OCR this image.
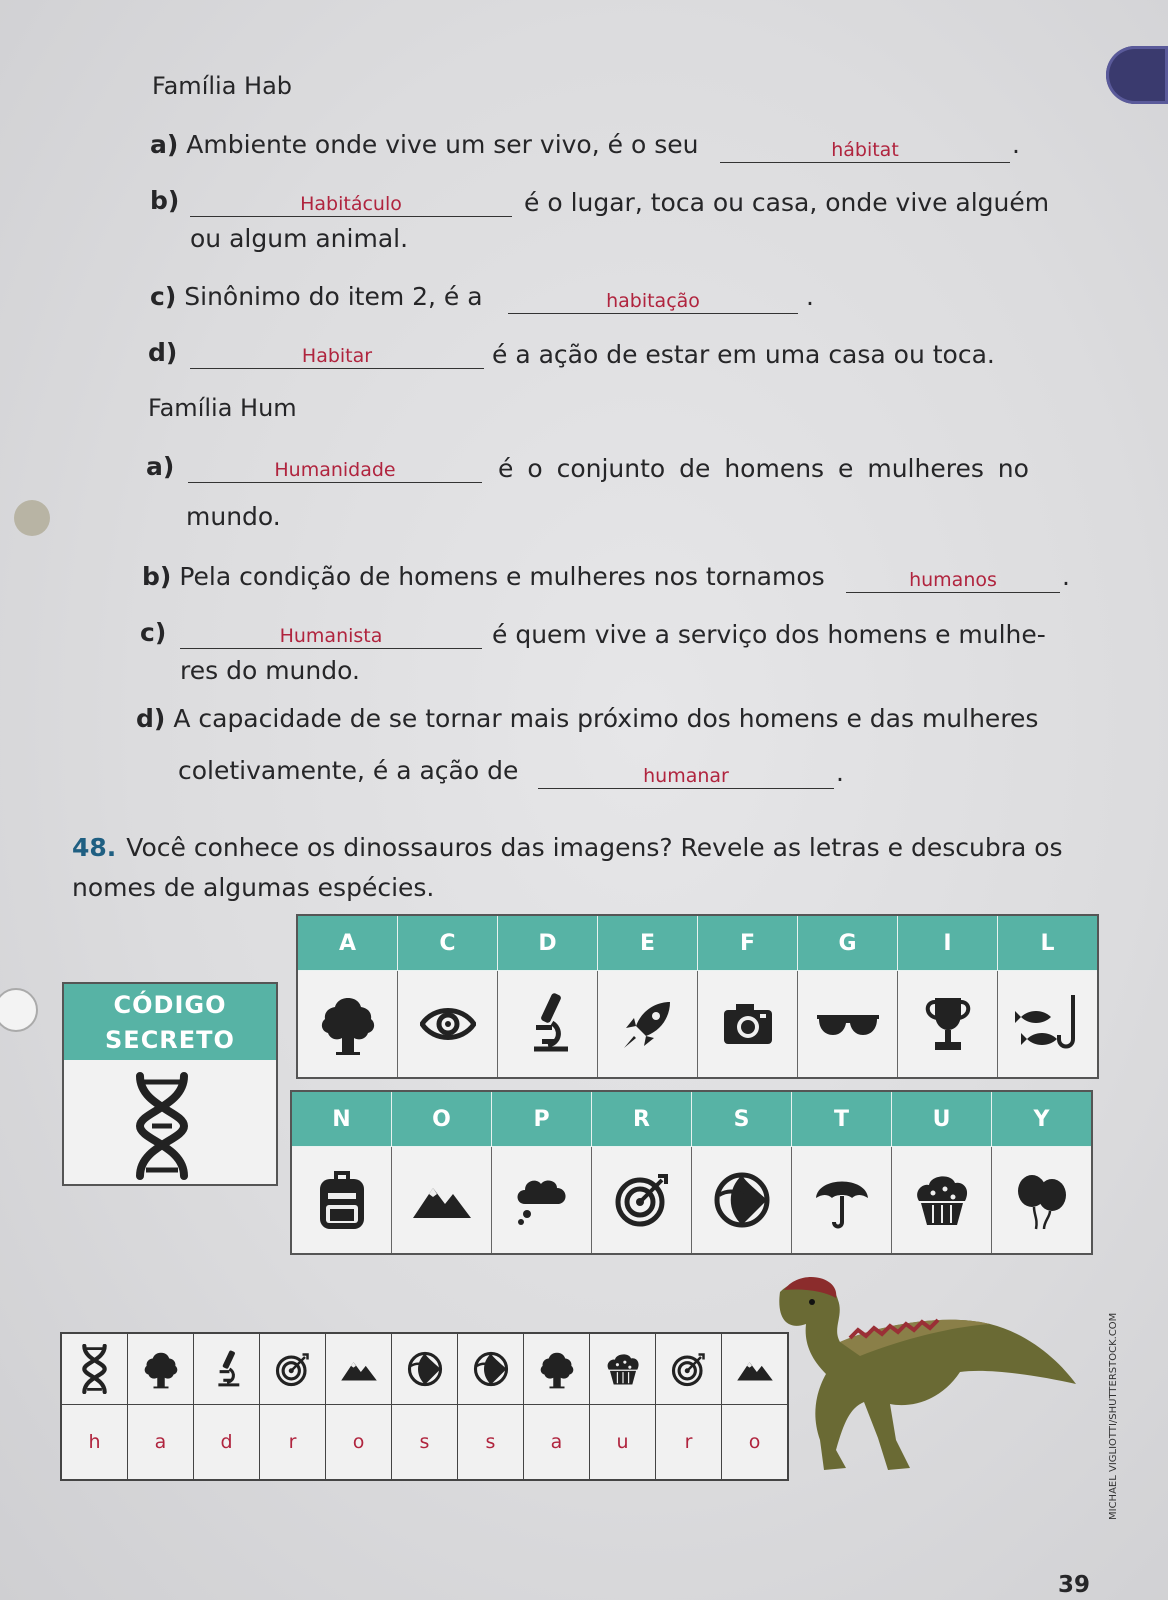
Família Hab
a) Ambiente onde vive um ser vivo, é o seu	hábitat	.
b)	Habitáculo	é o lugar, toca ou casa, onde vive alguém
ou algum animal.
c) Sinônimo do item 2, é a	habitação	.
d)	Habitar	é a ação de estar em uma casa ou toca.
Família Hum
a)	Humanidade	é o conjunto de homens e mulheres no
mundo.
b) Pela condição de homens e mulheres nos tornamos	humanos	.
c)	Humanista	é quem vive a serviço dos homens e mulhe-
res do mundo.
d) A capacidade de se tornar mais próximo dos homens e das mulheres
coletivamente, é a ação de	humanar	.
48. Você conhece os dinossauros das imagens? Revele as letras e descubra os nomes de algumas espécies.
CÓDIGO
SECRETO
A	C	D	E	F	G	I	L

N	O	P	R	S	T	U	Y

h	a	d	r	o	s	s	a	u	r	o	MICHAEL VIGLIOTTI/SHUTTERSTOCK.COM
39
